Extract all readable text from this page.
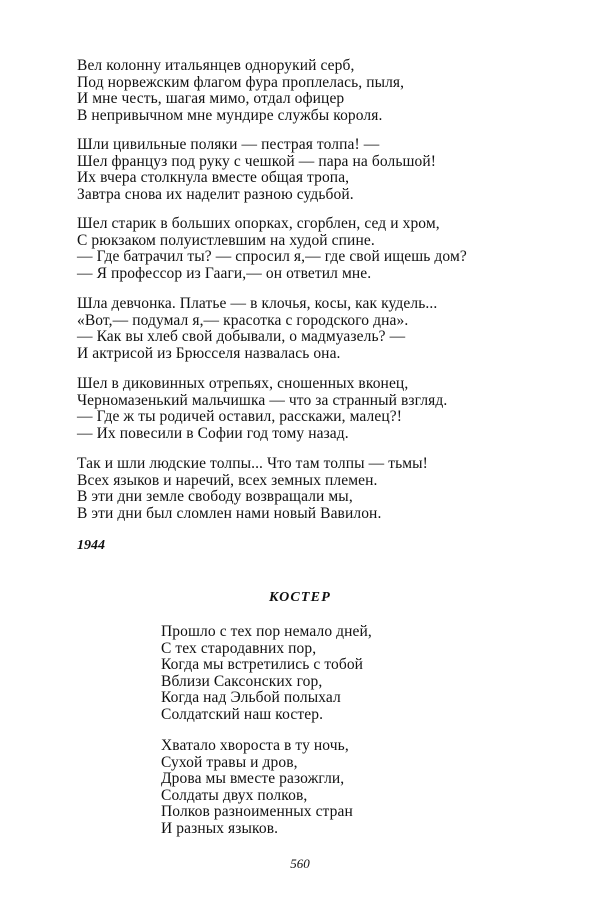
Вел колонну итальянцев однорукий серб,
Под норвежским флагом фура проплелась, пыля,
И мне честь, шагая мимо, отдал офицер
В непривычном мне мундире службы короля.
Шли цивильные поляки — пестрая толпа! —
Шел француз под руку с чешкой — пара на большой!
Их вчера столкнула вместе общая тропа,
Завтра снова их наделит разною судьбой.
Шел старик в больших опорках, сгорблен, сед и хром,
С рюкзаком полуистлевшим на худой спине.
— Где батрачил ты? — спросил я,— где свой ищешь дом?
— Я профессор из Гааги,— он ответил мне.
Шла девчонка. Платье — в клочья, косы, как кудель...
«Вот,— подумал я,— красотка с городского дна».
— Как вы хлеб свой добывали, о мадмуазель? —
И актрисой из Брюсселя назвалась она.
Шел в диковинных отрепьях, сношенных вконец,
Черномазенький мальчишка — что за странный взгляд.
— Где ж ты родичей оставил, расскажи, малец?!
— Их повесили в Софии год тому назад.
Так и шли людские толпы... Что там толпы — тьмы!
Всех языков и наречий, всех земных племен.
В эти дни земле свободу возвращали мы,
В эти дни был сломлен нами новый Вавилон.
1944
КОСТЕР
Прошло с тех пор немало дней,
С тех стародавних пор,
Когда мы встретились с тобой
Вблизи Саксонских гор,
Когда над Эльбой полыхал
Солдатский наш костер.
Хватало хвороста в ту ночь,
Сухой травы и дров,
Дрова мы вместе разожгли,
Солдаты двух полков,
Полков разноименных стран
И разных языков.
560
